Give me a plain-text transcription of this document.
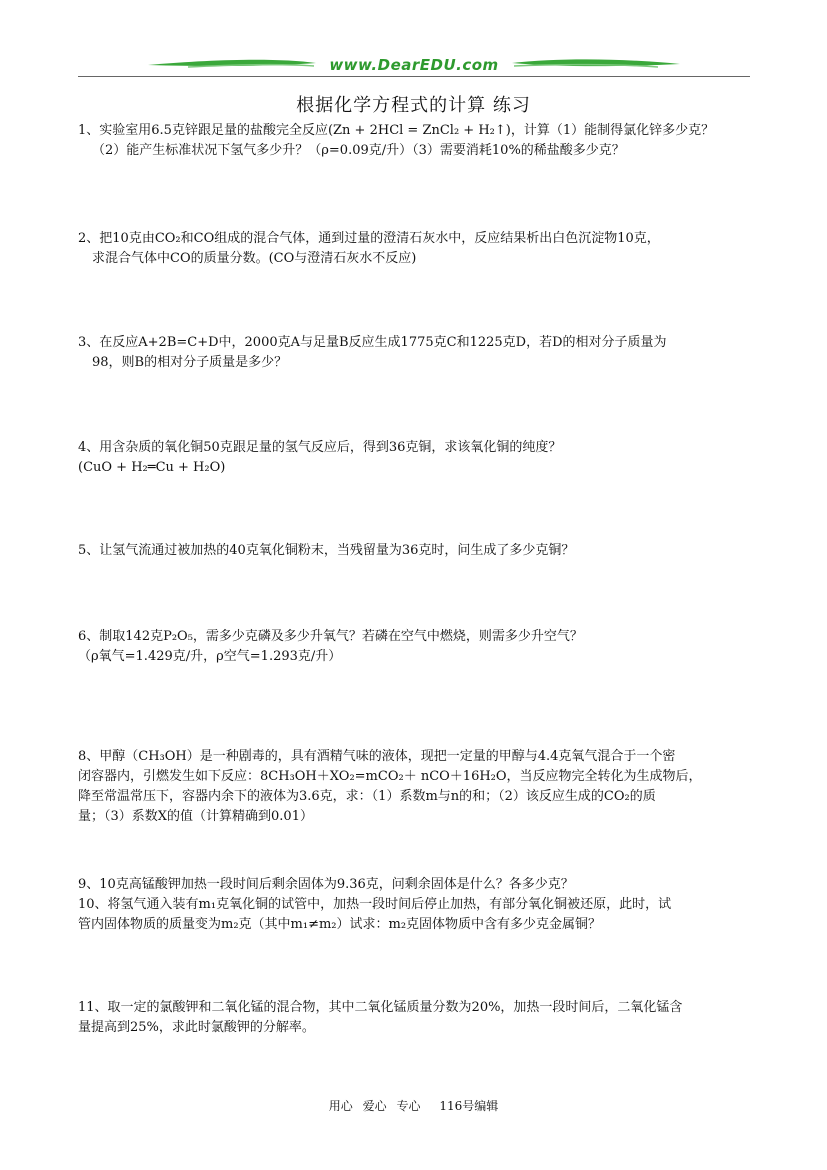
www.DearEDU.com
根据化学方程式的计算 练习
1、实验室用6.5克锌跟足量的盐酸完全反应(Zn + 2HCl = ZnCl₂ + H₂↑)，计算（1）能制得氯化锌多少克？
（2）能产生标准状况下氢气多少升？（ρ=0.09克/升）（3）需要消耗10%的稀盐酸多少克？
2、把10克由CO₂和CO组成的混合气体，通到过量的澄清石灰水中，反应结果析出白色沉淀物10克，
求混合气体中CO的质量分数。(CO与澄清石灰水不反应)
3、在反应A+2B=C+D中，2000克A与足量B反应生成1775克C和1225克D，若D的相对分子质量为
98，则B的相对分子质量是多少？
4、用含杂质的氧化铜50克跟足量的氢气反应后，得到36克铜，求该氧化铜的纯度？
(CuO + H₂═Cu + H₂O)
5、让氢气流通过被加热的40克氧化铜粉末，当残留量为36克时，问生成了多少克铜？
6、制取142克P₂O₅，需多少克磷及多少升氧气？若磷在空气中燃烧，则需多少升空气？
（ρ氧气=1.429克/升，ρ空气=1.293克/升）
8、甲醇（CH₃OH）是一种剧毒的，具有酒精气味的液体，现把一定量的甲醇与4.4克氧气混合于一个密
闭容器内，引燃发生如下反应：8CH₃OH＋XO₂=mCO₂＋ nCO＋16H₂O，当反应物完全转化为生成物后，
降至常温常压下，容器内余下的液体为3.6克，求：（1）系数m与n的和；（2）该反应生成的CO₂的质
量；（3）系数X的值（计算精确到0.01）
9、10克高锰酸钾加热一段时间后剩余固体为9.36克，问剩余固体是什么？各多少克？
10、将氢气通入装有m₁克氧化铜的试管中，加热一段时间后停止加热，有部分氧化铜被还原，此时，试
管内固体物质的质量变为m₂克（其中m₁≠m₂）试求：m₂克固体物质中含有多少克金属铜？
11、取一定的氯酸钾和二氧化锰的混合物，其中二氧化锰质量分数为20%，加热一段时间后，二氧化锰含
量提高到25%，求此时氯酸钾的分解率。
用心 爱心 专心 116号编辑
